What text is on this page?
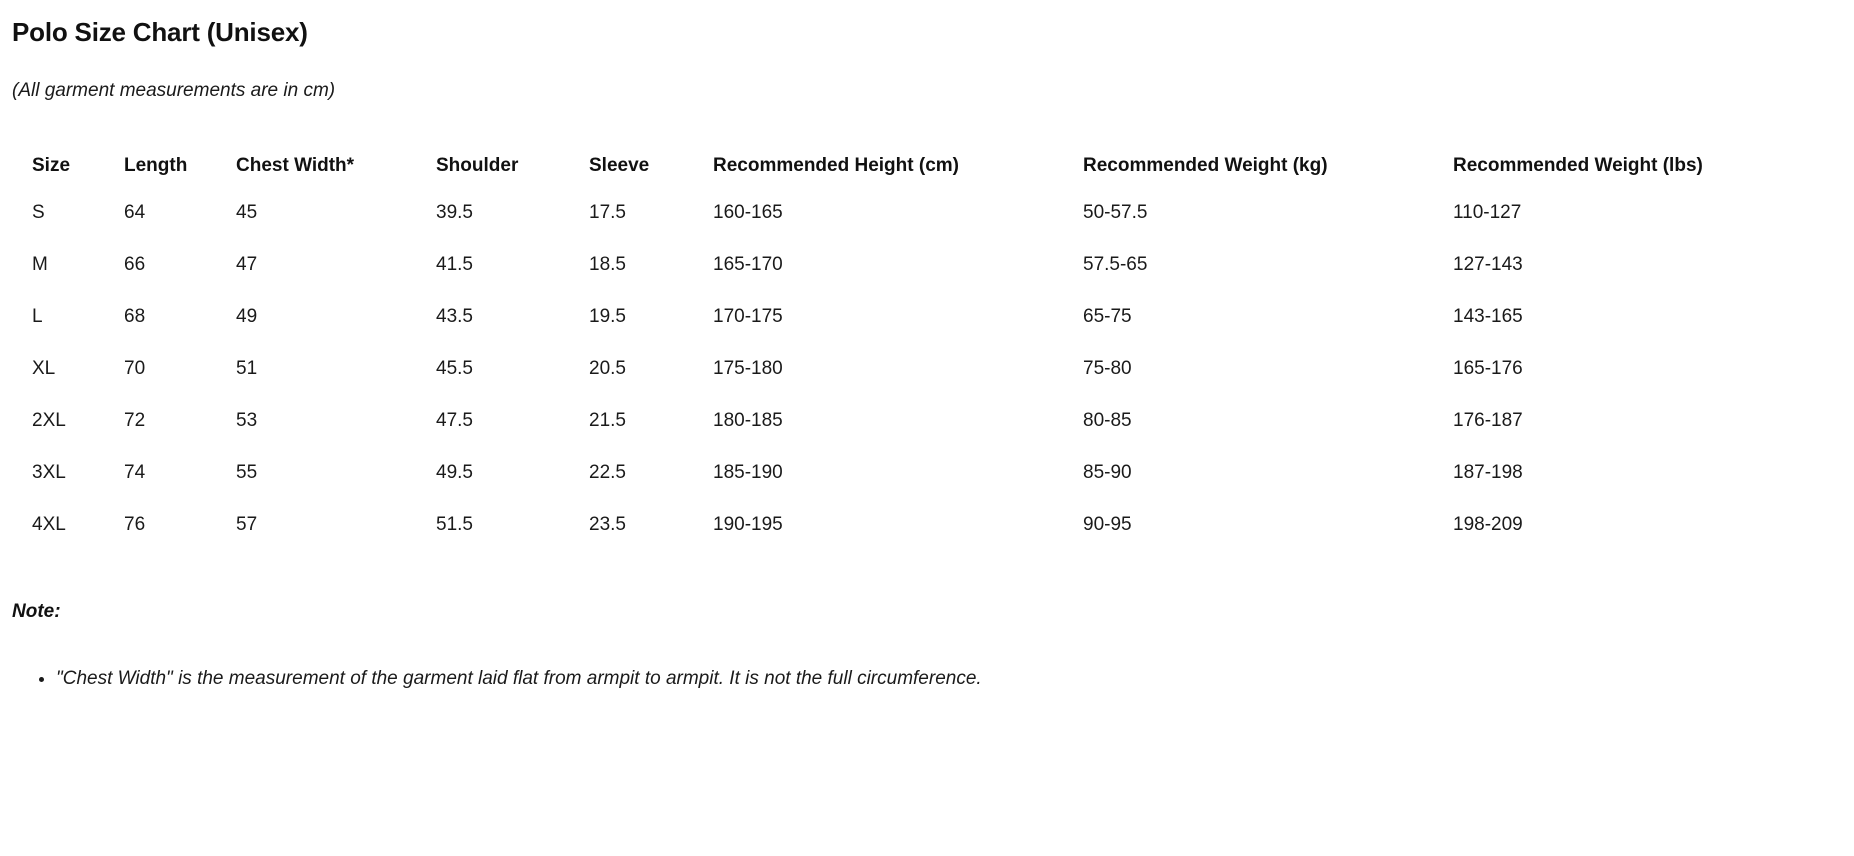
Polo Size Chart (Unisex)

(All garment measurements are in cm)

Size	Length	Chest Width*	Shoulder	Sleeve	Recommended Height (cm)	Recommended Weight (kg)	Recommended Weight (lbs)
S	64	45	39.5	17.5	160-165	50-57.5	110-127
M	66	47	41.5	18.5	165-170	57.5-65	127-143
L	68	49	43.5	19.5	170-175	65-75	143-165
XL	70	51	45.5	20.5	175-180	75-80	165-176
2XL	72	53	47.5	21.5	180-185	80-85	176-187
3XL	74	55	49.5	22.5	185-190	85-90	187-198
4XL	76	57	51.5	23.5	190-195	90-95	198-209

Note:

• "Chest Width" is the measurement of the garment laid flat from armpit to armpit. It is not the full circumference.
